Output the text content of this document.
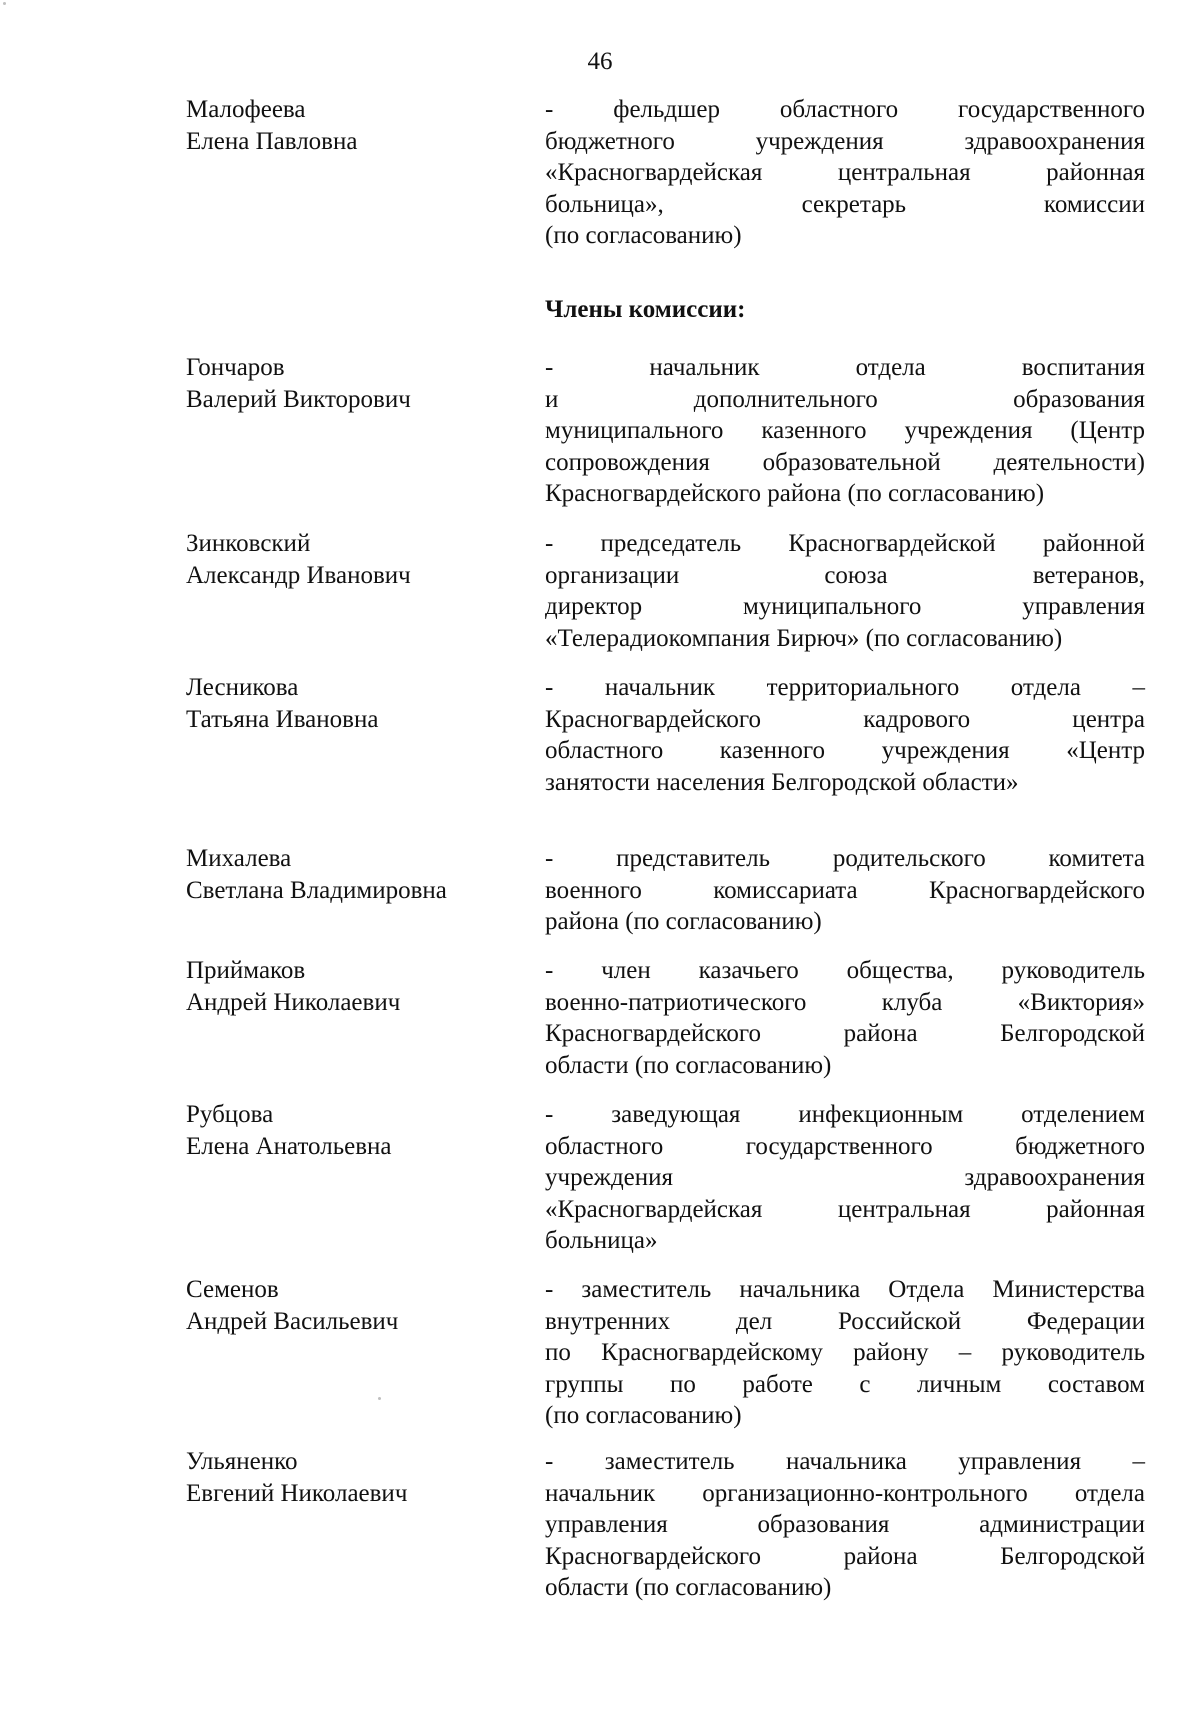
46
Малофеева
Елена Павловна
- фельдшер областного государственного
бюджетного учреждения здравоохранения
«Красногвардейская центральная районная
больница», секретарь комиссии
(по согласованию)
Члены комиссии:
Гончаров
Валерий Викторович
- начальник отдела воспитания
и дополнительного образования
муниципального казенного учреждения (Центр
сопровождения образовательной деятельности)
Красногвардейского района (по согласованию)
Зинковский
Александр Иванович
- председатель Красногвардейской районной
организации союза ветеранов,
директор муниципального управления
«Телерадиокомпания Бирюч» (по согласованию)
Лесникова
Татьяна Ивановна
- начальник территориального отдела –
Красногвардейского кадрового центра
областного казенного учреждения «Центр
занятости населения Белгородской области»
Михалева
Светлана Владимировна
- представитель родительского комитета
военного комиссариата Красногвардейского
района (по согласованию)
Приймаков
Андрей Николаевич
- член казачьего общества, руководитель
военно-патриотического клуба «Виктория»
Красногвардейского района Белгородской
области (по согласованию)
Рубцова
Елена Анатольевна
- заведующая инфекционным отделением
областного государственного бюджетного
учреждения здравоохранения
«Красногвардейская центральная районная
больница»
Семенов
Андрей Васильевич
- заместитель начальника Отдела Министерства
внутренних дел Российской Федерации
по Красногвардейскому району – руководитель
группы по работе с личным составом
(по согласованию)
Ульяненко
Евгений Николаевич
- заместитель начальника управления –
начальник организационно-контрольного отдела
управления образования администрации
Красногвардейского района Белгородской
области (по согласованию)
